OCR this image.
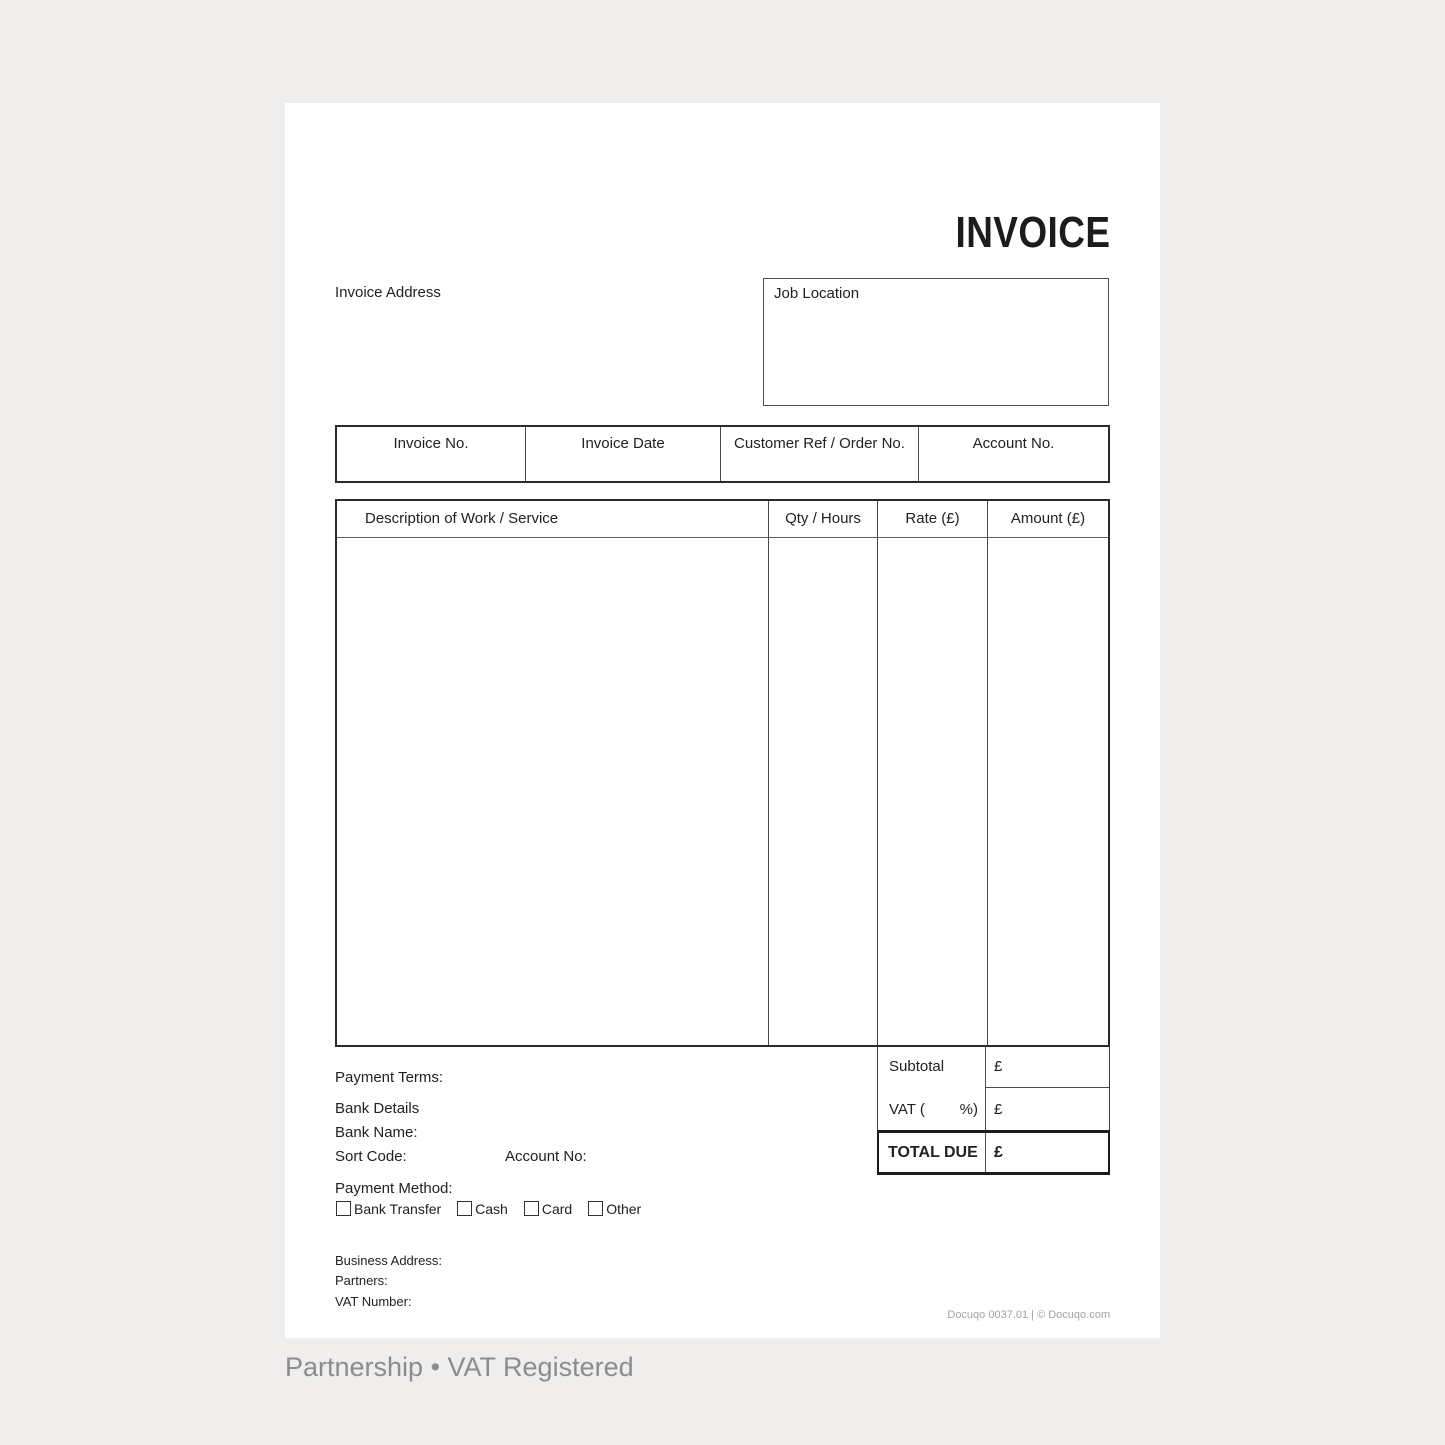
INVOICE
Invoice Address	Job Location
Invoice No.	Invoice Date	Customer Ref / Order No.	Account No.
Description of Work / Service	Qty / Hours	Rate (£)	Amount (£)
Subtotal	£
VAT ( %)	£
TOTAL DUE	£
Payment Terms:
Bank Details
Bank Name:
Sort Code:	Account No:
Payment Method:
Bank Transfer Cash Card Other
Business Address:
Partners:
VAT Number:
Docuqo 0037.01 | © Docuqo.com
Partnership • VAT Registered
